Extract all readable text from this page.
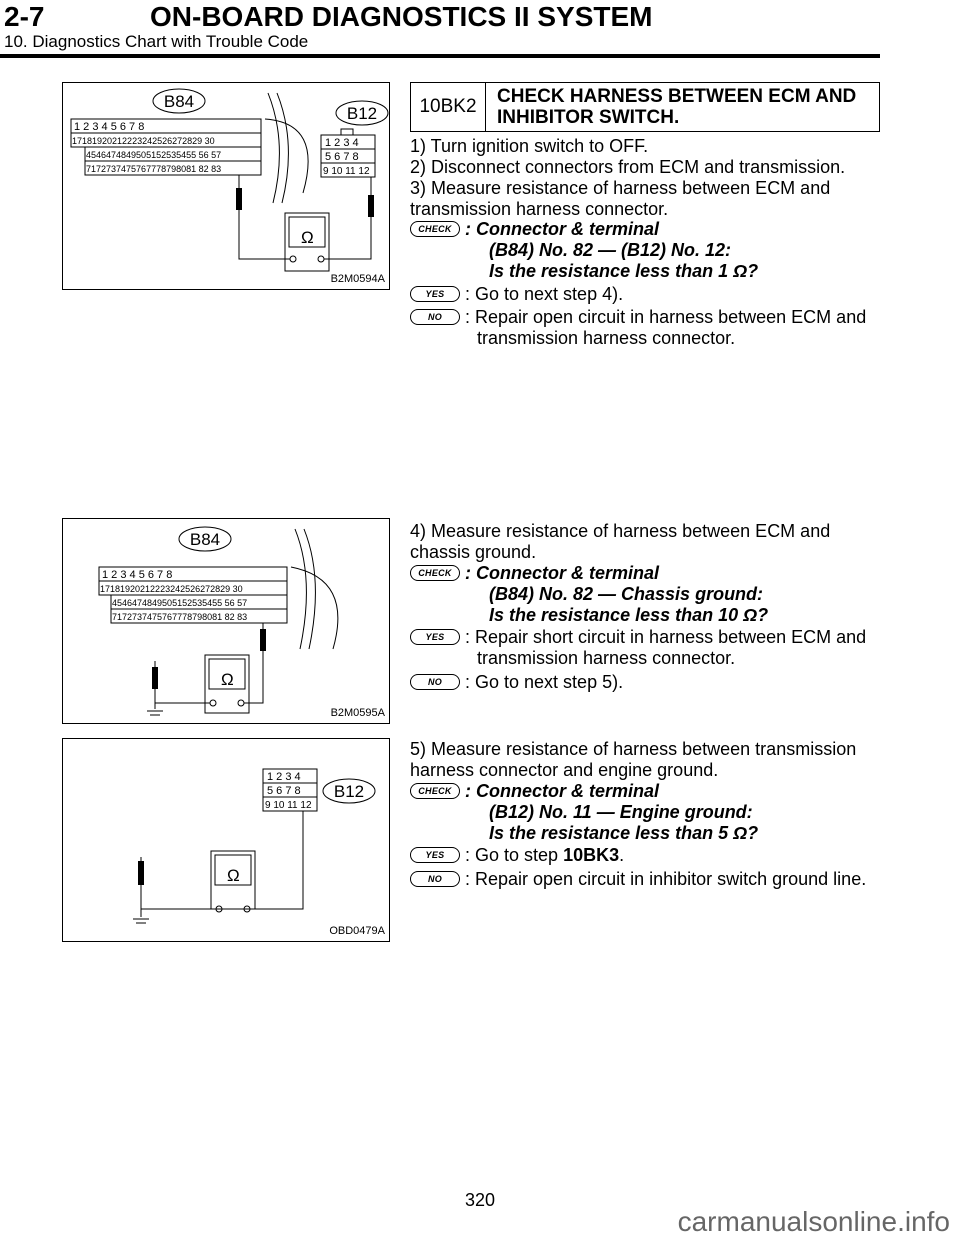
2-7	ON-BOARD DIAGNOSTICS II SYSTEM
10. Diagnostics Chart with Trouble Code
B84
B12
1 2 3 4 5 6 7 8
17181920212223242526272829 30
4546474849505152535455 56 57
7172737475767778798081 82 83
1 2 3 4
5 6 7 8
9 10 11 12
Ω
B2M0594A
B84
1 2 3 4 5 6 7 8
17181920212223242526272829 30
4546474849505152535455 56 57
7172737475767778798081 82 83
Ω
B2M0595A
B12
1 2 3 4
5 6 7 8
9 10 11 12
Ω
OBD0479A
10BK2	CHECK HARNESS BETWEEN ECM AND INHIBITOR SWITCH.
1) Turn ignition switch to OFF.
2) Disconnect connectors from ECM and transmission.
3) Measure resistance of harness between ECM and transmission harness connector.
CHECK : Connector & terminal
(B84) No. 82 — (B12) No. 12:
Is the resistance less than 1 Ω?
YES	: Go to next step 4).
NO	: Repair open circuit in harness between ECM and transmission harness connector.
4) Measure resistance of harness between ECM and chassis ground.
CHECK : Connector & terminal
(B84) No. 82 — Chassis ground:
Is the resistance less than 10 Ω?
YES	: Repair short circuit in harness between ECM and transmission harness connector.
NO	: Go to next step 5).
5) Measure resistance of harness between transmission harness connector and engine ground.
CHECK : Connector & terminal
(B12) No. 11 — Engine ground:
Is the resistance less than 5 Ω?
YES	: Go to step 10BK3.
NO	: Repair open circuit in inhibitor switch ground line.
320
carmanualsonline.info
